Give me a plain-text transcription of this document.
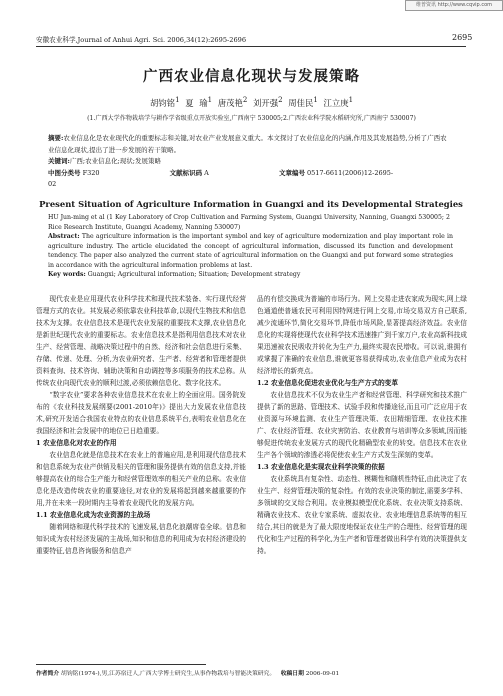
维普资讯 http://www.cqvip.com
安徽农业科学,Journal of Anhui Agri. Sci. 2006,34(12):2695-2696	2695
广西农业信息化现状与发展策略
胡钧铭$^1$ 夏 瑜$^1$ 唐茂艳$^2$ 刘开强$^2$ 周佳民$^1$ 江立庚$^1$
(1.广西大学作物栽培学与耕作学省级重点开放实验室,广西南宁 530005;2.广西农业科学院水稻研究所,广西南宁 530007)
摘要:农业信息化是农业现代化的重要标志和关键,对农业产业发展意义重大。本文探讨了农业信息化的内涵,作用及其发展趋势,分析了广西农业信息化现状,提出了进一步发展的若干策略。
关键词:广西;农业信息化;现状;发展策略
中图分类号 F320	文献标识码 A	文章编号 0517-6611(2006)12-2695-02
Present Situation of Agriculture Information in Guangxi and its Developmental Strategies
HU Jun-ming et al (1 Key Laboratory of Crop Cultivation and Farming System, Guangxi University, Nanning, Guangxi 530005; 2 Rice Research Institute, Guangxi Academy, Nanning 530007)
Abstract: The agriculture information is the important symbol and key of agriculture modernization and play important role in agriculture industry. The article elucidated the concept of agricultural information, discussed its function and development tendency. The paper also analyzed the current state of agricultural information on the Guangxi and put forward some strategies in accordance with the agricultural information problems at last.
Key words: Guangxi; Agricultural information; Situation; Development strategy

现代农业是应用现代农业科学技术和现代技术装备、实行现代经营管理方式的农业。其发展必须依靠农业科技革命,以现代生物技术和信息技术为支撑。农业信息技术是现代农业发展的重要技术支撑,农业信息化是新世纪现代农业的重要标志。农业信息技术是指利用信息技术对农业生产、经营管理、战略决策过程中的自然、经济和社会信息进行采集、存储、传递、处理、分析,为农业研究者、生产者、经营者和管理者提供资料查询、技术咨询、辅助决策和自动调控等多项服务的技术总称。从传统农业向现代农业的顺利过渡,必须依赖信息化、数字化技术。

“数字农业”要求各种农业信息技术在农业上的全面应用。国务院发布的《农业科技发展纲要(2001-2010年)》提出大力发展农业信息技术,研究开发适合我国农业特点的农业信息系统平台,表明农业信息化在我国经济和社会发展中的地位已日趋重要。

1 农业信息化对农业的作用

农业信息化就是信息技术在农业上的普遍应用,是利用现代信息技术和信息系统为农业产供销及相关的管理和服务提供有效的信息支持,并能够提高农业的综合生产能力和经营管理效率的相关产业的总称。农业信息化是改造传统农业的重要途径,对农业的发展将起到越来越重要的作用,并在未来一段时期内主导着农业现代化的发展方向。

1.1 农业信息化成为农业资源的主战场

随着网络和现代科学技术的飞速发展,信息化浪潮席卷全球。信息和知识成为农村经济发展的主战场,知识和信息的利用成为农村经济建设的重要特征,信息咨询服务和信息产

品的有偿交换成为普遍的市场行为。网上交易走进农家成为现实,网上绿色通道使普通农民可利用因特网进行网上交易,市场交易双方自己联系,减少流通环节,简化交易环节,降低市场风险,显著提高经济效益。农业信息化的实现将使现代农业科学技术迅速推广到千家万户,农业高新科技成果迅速被农民吸收并转化为生产力,最终实现农民增收。可以说,谁拥有或掌握了准确的农业信息,谁就更容易获得成功,农业信息产业成为农村经济增长的新亮点。

1.2 农业信息化促进农业优化与生产方式的变革

农业信息技术不仅为农业生产者和经营管理、科学研究和技术推广提供了新的思路、管理技术、试验手段和传播途径,而且可广泛应用于农业资源与环境监测、农业生产管理决策、农田精细管理、农业技术推广、农业经济管理、农业灾害防治、农业教育与培训等众多领域,因而能够促进传统农业发展方式的现代化精确型农业的转变。信息技术在农业生产各个领域的渗透必将促使农业生产方式发生深刻的变革。

1.3 农业信息化是实现农业科学决策的依据

农业系统具有复杂性、动态性、模糊性和随机性特征,由此决定了农业生产、经营管理决策的复杂性。有效的农业决策的制定,需要多学科、多领域的交叉综合利用。农业模拟模型优化系统、农业决策支持系统、精确农业技术、农业专家系统、虚拟农业、农业地理信息系统等的相互结合,其目的就是为了最大限度地保证农业生产的合理性、经营管理的现代化和生产过程的科学化,为生产者和管理者做出科学有效的决策提供支持。

作者简介 胡钧铭(1974-),男,江苏宿迁人,广西大学博士研究生,从事作物栽培与智能决策研究。 收稿日期 2006-09-01
